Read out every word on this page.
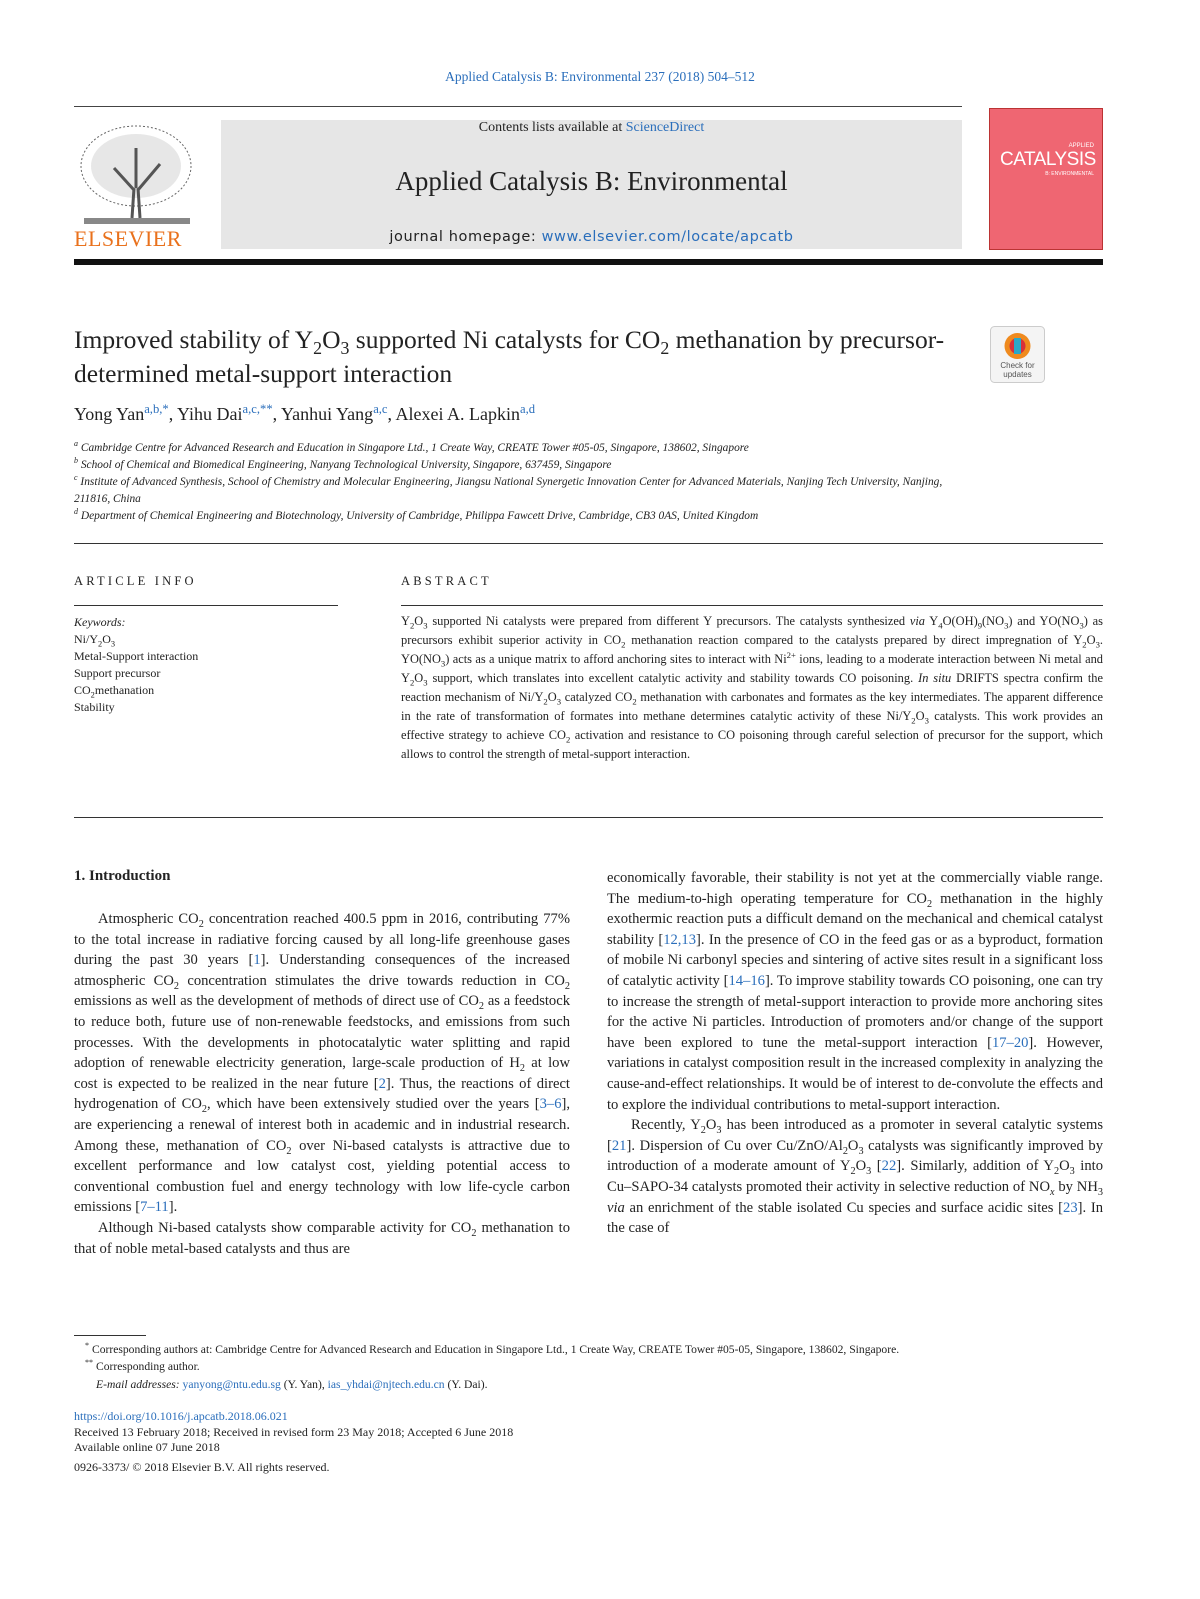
Applied Catalysis B: Environmental 237 (2018) 504–512
ELSEVIER
Contents lists available at ScienceDirect
Applied Catalysis B: Environmental
journal homepage: www.elsevier.com/locate/apcatb
APPLIED
CATALYSIS
B: ENVIRONMENTAL
Improved stability of $Y_2O_3$ supported Ni catalysts for $CO_2$ methanation by precursor-determined metal-support interaction	Check for
updates
Yong Yan$^{a,b,*}$, Yihu Dai$^{a,c,**}$, Yanhui Yang$^{a,c}$, Alexei A. Lapkin$^{a,d}$
$^a$ Cambridge Centre for Advanced Research and Education in Singapore Ltd., 1 Create Way, CREATE Tower #05-05, Singapore, 138602, Singapore
$^b$ School of Chemical and Biomedical Engineering, Nanyang Technological University, Singapore, 637459, Singapore
$^c$ Institute of Advanced Synthesis, School of Chemistry and Molecular Engineering, Jiangsu National Synergetic Innovation Center for Advanced Materials, Nanjing Tech University, Nanjing, 211816, China
$^d$ Department of Chemical Engineering and Biotechnology, University of Cambridge, Philippa Fawcett Drive, Cambridge, CB3 0AS, United Kingdom
ARTICLE INFO	ABSTRACT
Keywords:
$Ni/Y_2O_3$
Metal-Support interaction
Support precursor
$CO_2methanation$
Stability
$Y_2O_3$ supported Ni catalysts were prepared from different Y precursors. The catalysts synthesized via $Y_4O(OH)_9(NO_3)$ and $YO(NO_3)$ as precursors exhibit superior activity in $CO_2$ methanation reaction compared to the catalysts prepared by direct impregnation of $Y_2O_3$. $YO(NO_3)$ acts as a unique matrix to afford anchoring sites to interact with $Ni^{2+}$ ions, leading to a moderate interaction between Ni metal and $Y_2O_3$ support, which translates into excellent catalytic activity and stability towards CO poisoning. In situ DRIFTS spectra confirm the reaction mechanism of $Ni/Y_2O_3$ catalyzed $CO_2$ methanation with carbonates and formates as the key intermediates. The apparent difference in the rate of transformation of formates into methane determines catalytic activity of these $Ni/Y_2O_3$ catalysts. This work provides an effective strategy to achieve $CO_2$ activation and resistance to CO poisoning through careful selection of precursor for the support, which allows to control the strength of metal-support interaction.
1. Introduction

Atmospheric $CO_2$ concentration reached 400.5 ppm in 2016, contributing 77% to the total increase in radiative forcing caused by all long-life greenhouse gases during the past 30 years [1]. Understanding consequences of the increased atmospheric $CO_2$ concentration stimulates the drive towards reduction in $CO_2$ emissions as well as the development of methods of direct use of $CO_2$ as a feedstock to reduce both, future use of non-renewable feedstocks, and emissions from such processes. With the developments in photocatalytic water splitting and rapid adoption of renewable electricity generation, large-scale production of $H_2$ at low cost is expected to be realized in the near future [2]. Thus, the reactions of direct hydrogenation of $CO_2$, which have been extensively studied over the years [3–6], are experiencing a renewal of interest both in academic and in industrial research. Among these, methanation of $CO_2$ over Ni-based catalysts is attractive due to excellent performance and low catalyst cost, yielding potential access to conventional combustion fuel and energy technology with low life-cycle carbon emissions [7–11].

Although Ni-based catalysts show comparable activity for $CO_2$ methanation to that of noble metal-based catalysts and thus are

economically favorable, their stability is not yet at the commercially viable range. The medium-to-high operating temperature for $CO_2$ methanation in the highly exothermic reaction puts a difficult demand on the mechanical and chemical catalyst stability [12,13]. In the presence of CO in the feed gas or as a byproduct, formation of mobile Ni carbonyl species and sintering of active sites result in a significant loss of catalytic activity [14–16]. To improve stability towards CO poisoning, one can try to increase the strength of metal-support interaction to provide more anchoring sites for the active Ni particles. Introduction of promoters and/or change of the support have been explored to tune the metal-support interaction [17–20]. However, variations in catalyst composition result in the increased complexity in analyzing the cause-and-effect relationships. It would be of interest to de-convolute the effects and to explore the individual contributions to metal-support interaction.

Recently, $Y_2O_3$ has been introduced as a promoter in several catalytic systems [21]. Dispersion of Cu over $Cu/ZnO/Al_2O_3$ catalysts was significantly improved by introduction of a moderate amount of $Y_2O_3$ [22]. Similarly, addition of $Y_2O_3$ into Cu–SAPO-34 catalysts promoted their activity in selective reduction of $NO_x$ by $NH_3$ via an enrichment of the stable isolated Cu species and surface acidic sites [23]. In the case of

* Corresponding authors at: Cambridge Centre for Advanced Research and Education in Singapore Ltd., 1 Create Way, CREATE Tower #05-05, Singapore, 138602, Singapore.
** Corresponding author.
E-mail addresses: yanyong@ntu.edu.sg (Y. Yan), ias_yhdai@njtech.edu.cn (Y. Dai).
https://doi.org/10.1016/j.apcatb.2018.06.021
Received 13 February 2018; Received in revised form 23 May 2018; Accepted 6 June 2018
Available online 07 June 2018
0926-3373/ © 2018 Elsevier B.V. All rights reserved.
